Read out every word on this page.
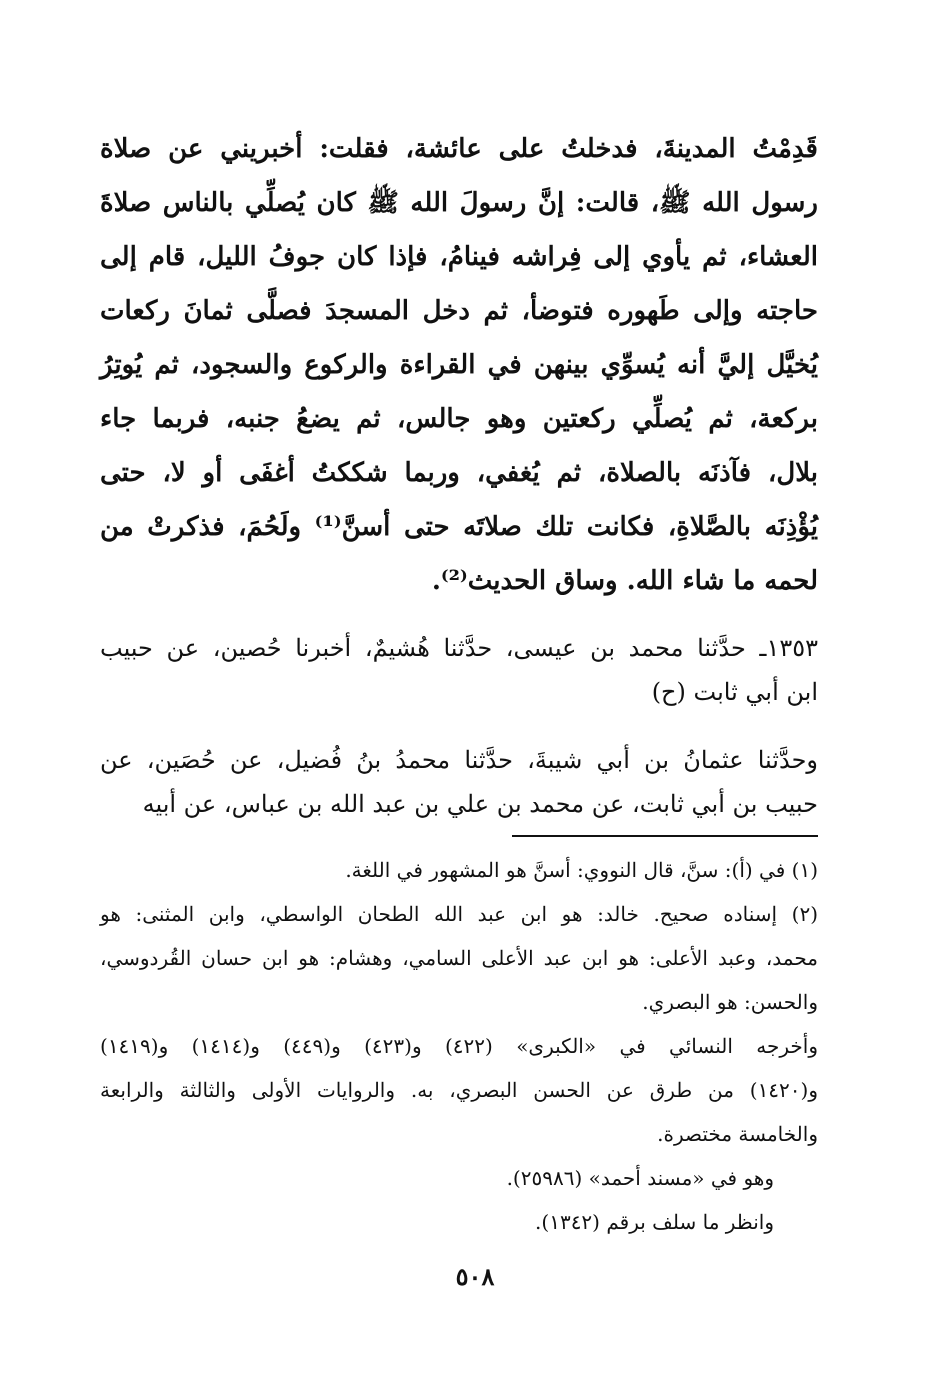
قَدِمْتُ المدينةَ، فدخلتُ على عائشة، فقلت: أخبريني عن صلاة
رسول الله ﷺ، قالت: إنَّ رسولَ الله ﷺ كان يُصلِّي بالناس صلاةَ
العشاء، ثم يأوي إلى فِراشه فينامُ، فإذا كان جوفُ الليل، قام إلى
حاجته وإلى طَهوره فتوضأ، ثم دخل المسجدَ فصلَّى ثمانَ ركعات
يُخيَّل إليَّ أنه يُسوِّي بينهن في القراءة والركوع والسجود، ثم يُوتِرُ
بركعة، ثم يُصلِّي ركعتين وهو جالس، ثم يضعُ جنبه، فربما جاء
بلال، فآذنَه بالصلاة، ثم يُغفي، وربما شككتُ أغفَى أو لا، حتى
يُؤْذِنَه بالصَّلاةِ، فكانت تلك صلاتَه حتى أسنَّ⁽¹⁾ ولَحُمَ، فذكرتْ من
لحمه ما شاء الله. وساق الحديث⁽²⁾.
١٣٥٣ـ حدَّثنا محمد بن عيسى، حدَّثنا هُشيمٌ، أخبرنا حُصين، عن حبيب
ابن أبي ثابت (ح)
وحدَّثنا عثمانُ بن أبي شيبةَ، حدَّثنا محمدُ بنُ فُضيل، عن حُصَين، عن
حبيب بن أبي ثابت، عن محمد بن علي بن عبد الله بن عباس، عن أبيه
(١) في (أ): سنَّ، قال النووي: أسنَّ هو المشهور في اللغة.
(٢) إسناده صحيح. خالد: هو ابن عبد الله الطحان الواسطي، وابن المثنى: هو
محمد، وعبد الأعلى: هو ابن عبد الأعلى السامي، وهشام: هو ابن حسان القُردوسي،
والحسن: هو البصري.
وأخرجه النسائي في «الكبرى» (٤٢٢) و(٤٢٣) و(٤٤٩) و(١٤١٤) و(١٤١٩)
و(١٤٢٠) من طرق عن الحسن البصري، به. والروايات الأولى والثالثة والرابعة
والخامسة مختصرة.
وهو في «مسند أحمد» (٢٥٩٨٦).
وانظر ما سلف برقم (١٣٤٢).
٥٠٨
